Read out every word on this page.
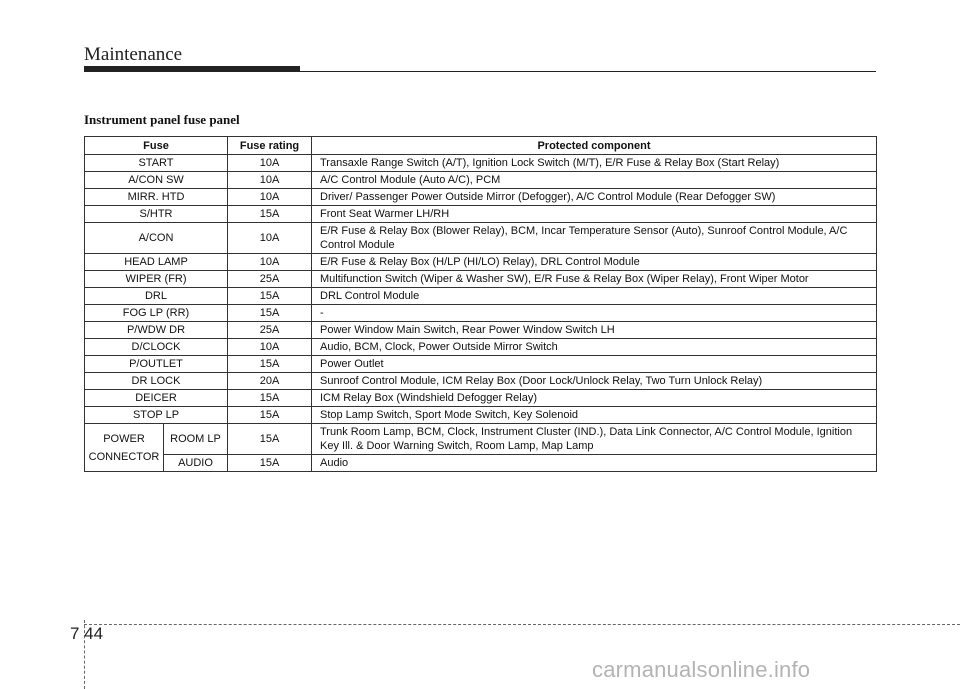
Maintenance
Instrument panel fuse panel
Fuse		Fuse rating	Protected component
START		10A	Transaxle Range Switch (A/T), Ignition Lock Switch (M/T), E/R Fuse & Relay Box (Start Relay)
A/CON SW		10A	A/C Control Module (Auto A/C), PCM
MIRR. HTD		10A	Driver/ Passenger Power Outside Mirror (Defogger), A/C Control Module (Rear Defogger SW)
S/HTR		15A	Front Seat Warmer LH/RH
A/CON		10A	E/R Fuse & Relay Box (Blower Relay), BCM, Incar Temperature Sensor (Auto), Sunroof Control Module, A/C Control Module
HEAD LAMP		10A	E/R Fuse & Relay Box (H/LP (HI/LO) Relay), DRL Control Module
WIPER (FR)		25A	Multifunction Switch (Wiper & Washer SW), E/R Fuse & Relay Box (Wiper Relay), Front Wiper Motor
DRL		15A	DRL Control Module
FOG LP (RR)		15A	-
P/WDW DR		25A	Power Window Main Switch, Rear Power Window Switch LH
D/CLOCK		10A	Audio, BCM, Clock, Power Outside Mirror Switch
P/OUTLET		15A	Power Outlet
DR LOCK		20A	Sunroof Control Module, ICM Relay Box (Door Lock/Unlock Relay, Two Turn Unlock Relay)
DEICER		15A	ICM Relay Box (Windshield Defogger Relay)
STOP LP		15A	Stop Lamp Switch, Sport Mode Switch, Key Solenoid

POWER
CONNECTOR	ROOM LP	15A	Trunk Room Lamp, BCM, Clock, Instrument Cluster (IND.), Data Link Connector, A/C Control Module, Ignition Key Ill. & Door Warning Switch, Room Lamp, Map Lamp
	AUDIO	15A	Audio
7 44
carmanualsonline.info
